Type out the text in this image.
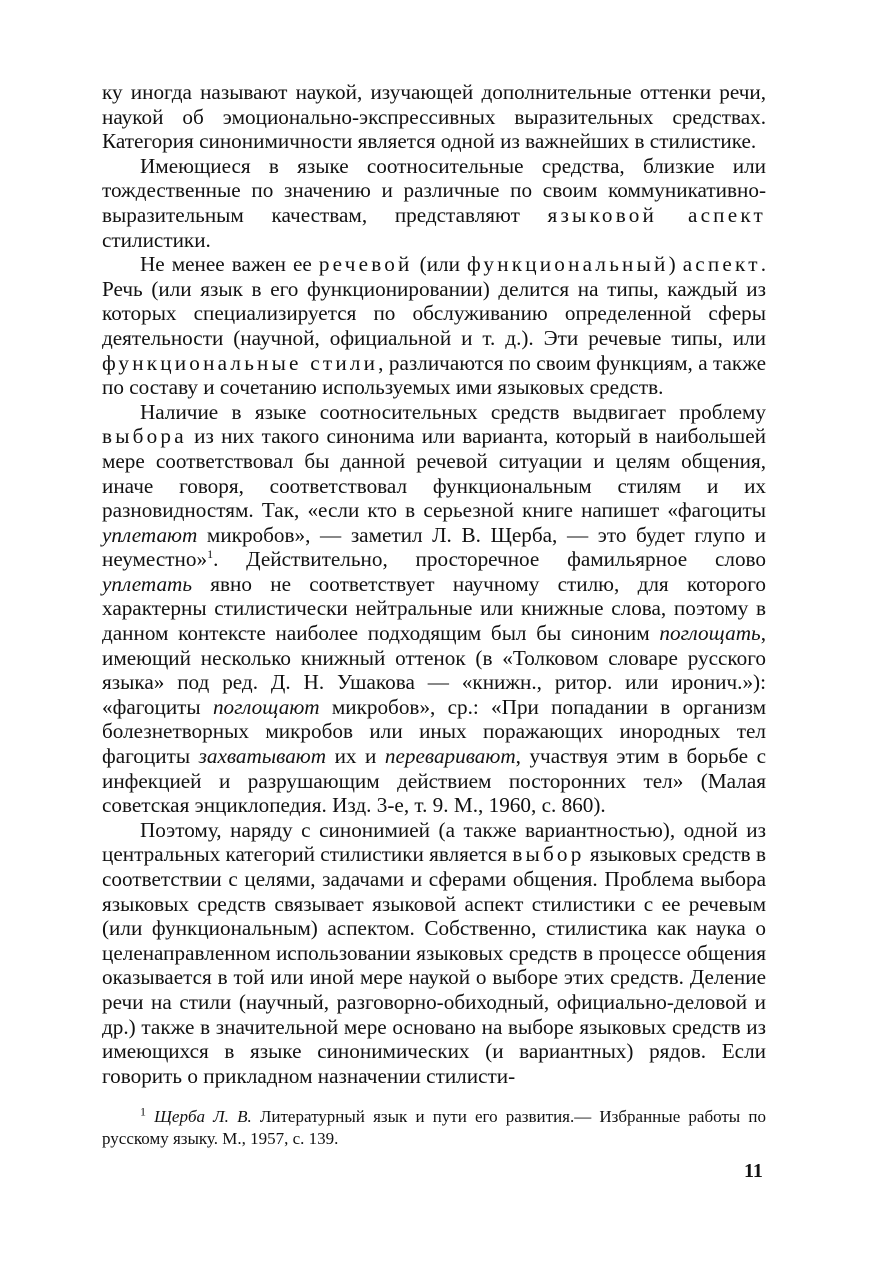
ку иногда называют наукой, изучающей дополнительные оттенки речи, наукой об эмоционально-экспрессивных выразительных средствах. Категория синонимичности является одной из важнейших в стилистике.

Имеющиеся в языке соотносительные средства, близкие или тождественные по значению и различные по своим коммуникативно-выразительным качествам, представляют языковой аспект стилистики.

Не менее важен ее речевой (или функциональный) аспект. Речь (или язык в его функционировании) делится на типы, каждый из которых специализируется по обслуживанию определенной сферы деятельности (научной, официальной и т. д.). Эти речевые типы, или функциональные стили, различаются по своим функциям, а также по составу и сочетанию используемых ими языковых средств.

Наличие в языке соотносительных средств выдвигает проблему выбора из них такого синонима или варианта, который в наибольшей мере соответствовал бы данной речевой ситуации и целям общения, иначе говоря, соответствовал функциональным стилям и их разновидностям. Так, «если кто в серьезной книге напишет «фагоциты уплетают микробов», — заметил Л. В. Щерба, — это будет глупо и неуместно»$^1$. Действительно, просторечное фамильярное слово уплетать явно не соответствует научному стилю, для которого характерны стилистически нейтральные или книжные слова, поэтому в данном контексте наиболее подходящим был бы синоним поглощать, имеющий несколько книжный оттенок (в «Толковом словаре русского языка» под ред. Д. Н. Ушакова — «книжн., ритор. или иронич.»): «фагоциты поглощают микробов», ср.: «При попадании в организм болезнетворных микробов или иных поражающих инородных тел фагоциты захватывают их и переваривают, участвуя этим в борьбе с инфекцией и разрушающим действием посторонних тел» (Малая советская энциклопедия. Изд. 3-е, т. 9. М., 1960, с. 860).

Поэтому, наряду с синонимией (а также вариантностью), одной из центральных категорий стилистики является выбор языковых средств в соответствии с целями, задачами и сферами общения. Проблема выбора языковых средств связывает языковой аспект стилистики с ее речевым (или функциональным) аспектом. Собственно, стилистика как наука о целенаправленном использовании языковых средств в процессе общения оказывается в той или иной мере наукой о выборе этих средств. Деление речи на стили (научный, разговорно-обиходный, официально-деловой и др.) также в значительной мере основано на выборе языковых средств из имеющихся в языке синонимических (и вариантных) рядов. Если говорить о прикладном назначении стилисти-

$^1$ Щерба Л. В. Литературный язык и пути его развития.— Избранные работы по русскому языку. М., 1957, с. 139.

11
